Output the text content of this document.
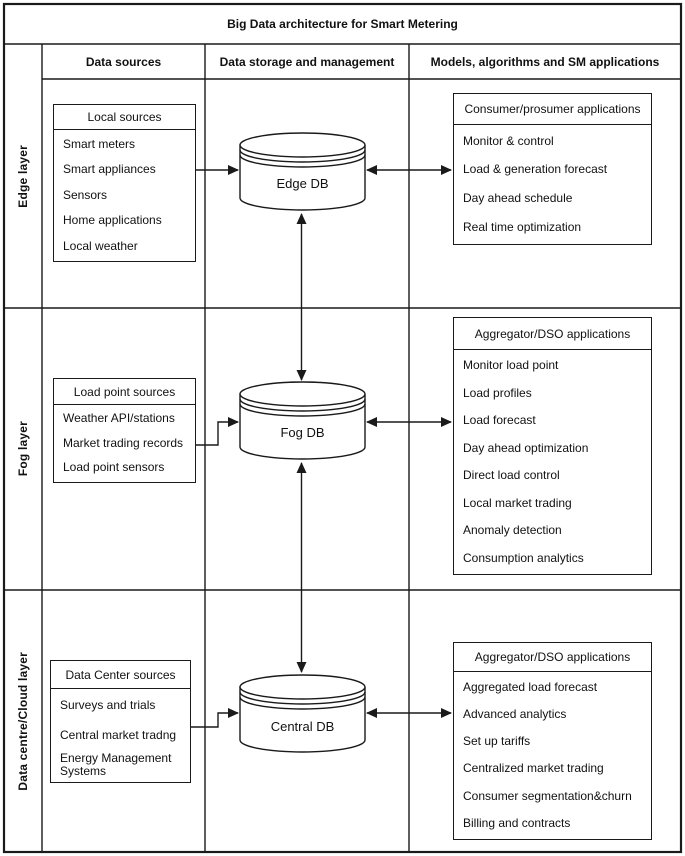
Big Data architecture for Smart Metering
Data sources	Data storage and management	Models, algorithms and SM applications
Edge layer
Fog layer
Data centre/Cloud layer
Local sources
Smart meters
Smart appliances
Sensors
Home applications
Local weather
Consumer/prosumer applications
Monitor & control
Load & generation forecast
Day ahead schedule
Real time optimization
Load point sources
Weather API/stations
Market trading records
Load point sensors
Aggregator/DSO applications
Monitor load point
Load profiles
Load forecast
Day ahead optimization
Direct load control
Local market trading
Anomaly detection
Consumption analytics
Data Center sources
Surveys and trials
Central market tradng
Energy Management Systems
Aggregator/DSO applications
Aggregated load forecast
Advanced analytics
Set up tariffs
Centralized market trading
Consumer segmentation&churn
Billing and contracts
Edge DB
Fog DB
Central DB
